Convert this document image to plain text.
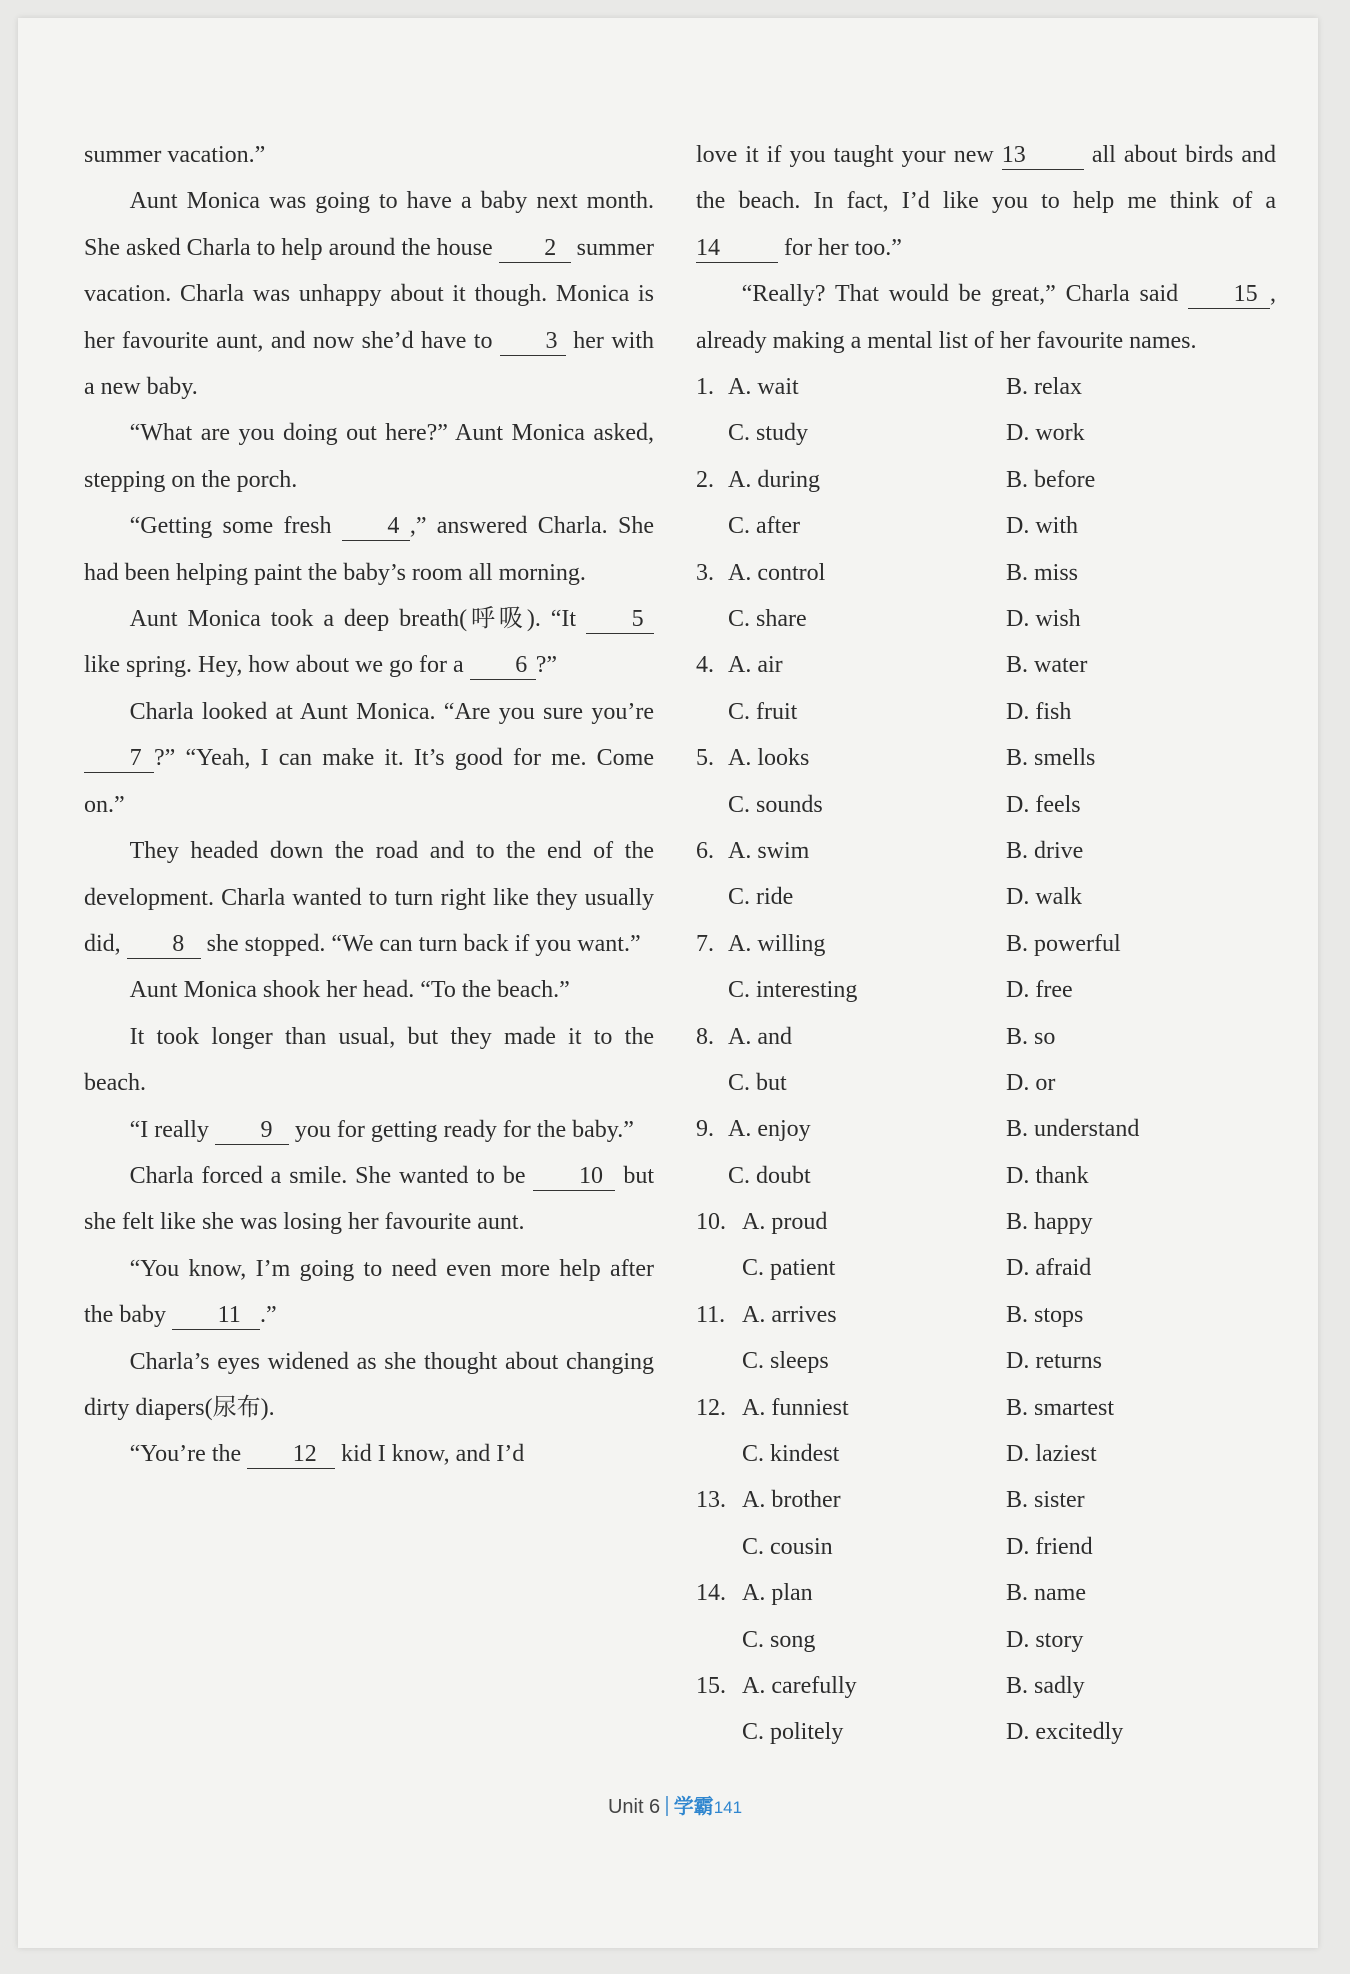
summer vacation.”

Aunt Monica was going to have a baby next month. She asked Charla to help around the house 2 summer vacation. Charla was unhappy about it though. Monica is her favourite aunt, and now she’d have to 3 her with a new baby.

“What are you doing out here?” Aunt Monica asked, stepping on the porch.

“Getting some fresh 4 ,” answered Charla. She had been helping paint the baby’s room all morning.

Aunt Monica took a deep breath(呼吸). “It 5 like spring. Hey, how about we go for a 6 ?”

Charla looked at Aunt Monica. “Are you sure you’re 7 ?” “Yeah, I can make it. It’s good for me. Come on.”

They headed down the road and to the end of the development. Charla wanted to turn right like they usually did, 8 she stopped. “We can turn back if you want.”

Aunt Monica shook her head. “To the beach.”

It took longer than usual, but they made it to the beach.

“I really 9 you for getting ready for the baby.”

Charla forced a smile. She wanted to be 10 but she felt like she was losing her favourite aunt.

“You know, I’m going to need even more help after the baby 11 .”

Charla’s eyes widened as she thought about changing dirty diapers(尿布).

“You’re the 12 kid I know, and I’d

love it if you taught your new 13 all about birds and the beach. In fact, I’d like you to help me think of a 14 for her too.”

“Really? That would be great,” Charla said 15 , already making a mental list of her favourite names.

1. A. wait	B. relax
C. study	D. work
2. A. during	B. before
C. after	D. with
3. A. control	B. miss
C. share	D. wish
4. A. air	B. water
C. fruit	D. fish
5. A. looks	B. smells
C. sounds	D. feels
6. A. swim	B. drive
C. ride	D. walk
7. A. willing	B. powerful
C. interesting	D. free
8. A. and	B. so
C. but	D. or
9. A. enjoy	B. understand
C. doubt	D. thank
10. A. proud	B. happy
C. patient	D. afraid
11. A. arrives	B. stops
C. sleeps	D. returns
12. A. funniest	B. smartest
C. kindest	D. laziest
13. A. brother	B. sister
C. cousin	D. friend
14. A. plan	B. name
C. song	D. story
15. A. carefully	B. sadly
C. politely	D. excitedly
Unit 6 学霸141
